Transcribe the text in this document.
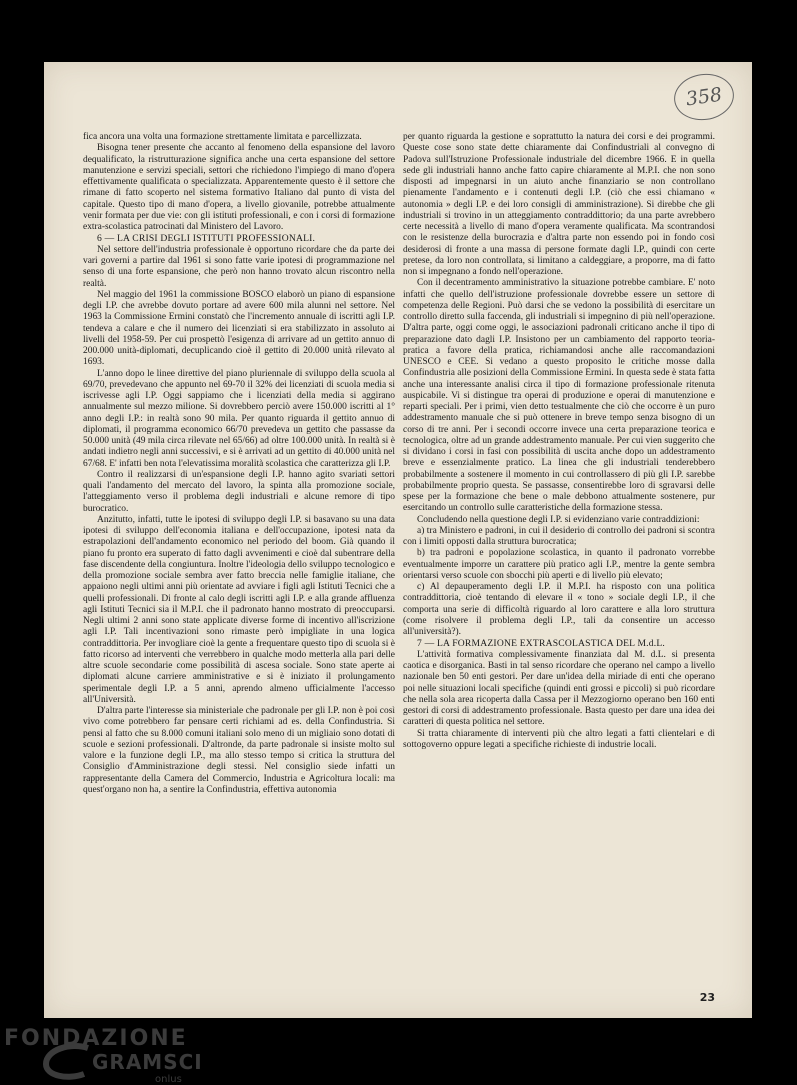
358

fica ancora una volta una formazione strettamente limitata e parcellizzata.

Bisogna tener presente che accanto al fenomeno della espansione del lavoro dequalificato, la ristrutturazione significa anche una certa espansione del settore manutenzione e servizi speciali, settori che richiedono l'impiego di mano d'opera effettivamente qualificata o specializzata. Apparentemente questo è il settore che rimane di fatto scoperto nel sistema formativo Italiano dal punto di vista del capitale. Questo tipo di mano d'opera, a livello giovanile, potrebbe attualmente venir formata per due vie: con gli istituti professionali, e con i corsi di formazione extra-scolastica patrocinati dal Ministero del Lavoro.

6 — LA CRISI DEGLI ISTITUTI PROFESSIONALI.

Nel settore dell'industria professionale è opportuno ricordare che da parte dei vari governi a partire dal 1961 si sono fatte varie ipotesi di programmazione nel senso di una forte espansione, che però non hanno trovato alcun riscontro nella realtà.

Nel maggio del 1961 la commissione BOSCO elaborò un piano di espansione degli I.P. che avrebbe dovuto portare ad avere 600 mila alunni nel settore. Nel 1963 la Commissione Ermini constatò che l'incremento annuale di iscritti agli I.P. tendeva a calare e che il numero dei licenziati si era stabilizzato in assoluto ai livelli del 1958-59. Per cui prospettò l'esigenza di arrivare ad un gettito annuo di 200.000 unità-diplomati, decuplicando cioè il gettito di 20.000 unità rilevato al 1693.

L'anno dopo le linee direttive del piano pluriennale di sviluppo della scuola al 69/70, prevedevano che appunto nel 69-70 il 32% dei licenziati di scuola media si iscrivesse agli I.P. Oggi sappiamo che i licenziati della media si aggirano annualmente sul mezzo milione. Si dovrebbero perciò avere 150.000 iscritti al 1° anno degli I.P.: in realtà sono 90 mila. Per quanto riguarda il gettito annuo di diplomati, il programma economico 66/70 prevedeva un gettito che passasse da 50.000 unità (49 mila circa rilevate nel 65/66) ad oltre 100.000 unità. In realtà si è andati indietro negli anni successivi, e si è arrivati ad un gettito di 40.000 unità nel 67/68. E' infatti ben nota l'elevatissima moralità scolastica che caratterizza gli I.P.

Contro il realizzarsi di un'espansione degli I.P. hanno agito svariati settori quali l'andamento del mercato del lavoro, la spinta alla promozione sociale, l'atteggiamento verso il problema degli industriali e alcune remore di tipo burocratico.

Anzitutto, infatti, tutte le ipotesi di sviluppo degli I.P. si basavano su una data ipotesi di sviluppo dell'economia italiana e dell'occupazione, ipotesi nata da estrapolazioni dell'andamento economico nel periodo del boom. Già quando il piano fu pronto era superato di fatto dagli avvenimenti e cioè dal subentrare della fase discendente della congiuntura. Inoltre l'ideologia dello sviluppo tecnologico e della promozione sociale sembra aver fatto breccia nelle famiglie italiane, che appaiono negli ultimi anni più orientate ad avviare i figli agli Istituti Tecnici che a quelli professionali. Di fronte al calo degli iscritti agli I.P. e alla grande affluenza agli Istituti Tecnici sia il M.P.I. che il padronato hanno mostrato di preoccuparsi. Negli ultimi 2 anni sono state applicate diverse forme di incentivo all'iscrizione agli I.P. Tali incentivazioni sono rimaste però impigliate in una logica contraddittoria. Per invogliare cioè la gente a frequentare questo tipo di scuola si è fatto ricorso ad interventi che verrebbero in qualche modo metterla alla pari delle altre scuole secondarie come possibilità di ascesa sociale. Sono state aperte ai diplomati alcune carriere amministrative e si è iniziato il prolungamento sperimentale degli I.P. a 5 anni, aprendo almeno ufficialmente l'accesso all'Università.

D'altra parte l'interesse sia ministeriale che padronale per gli I.P. non è poi così vivo come potrebbero far pensare certi richiami ad es. della Confindustria. Si pensi al fatto che su 8.000 comuni italiani solo meno di un migliaio sono dotati di scuole e sezioni professionali. D'altronde, da parte padronale si insiste molto sul valore e la funzione degli I.P., ma allo stesso tempo si critica la struttura del Consiglio d'Amministrazione degli stessi. Nel consiglio siede infatti un rappresentante della Camera del Commercio, Industria e Agricoltura locali: ma quest'organo non ha, a sentire la Confindustria, effettiva autonomia

per quanto riguarda la gestione e soprattutto la natura dei corsi e dei programmi. Queste cose sono state dette chiaramente dai Confindustriali al convegno di Padova sull'Istruzione Professionale industriale del dicembre 1966. E in quella sede gli industriali hanno anche fatto capire chiaramente al M.P.I. che non sono disposti ad impegnarsi in un aiuto anche finanziario se non controllano pienamente l'andamento e i contenuti degli I.P. (ciò che essi chiamano « autonomia » degli I.P. e dei loro consigli di amministrazione). Si direbbe che gli industriali si trovino in un atteggiamento contraddittorio; da una parte avrebbero certe necessità a livello di mano d'opera veramente qualificata. Ma scontrandosi con le resistenze della burocrazia e d'altra parte non essendo poi in fondo così desiderosi di fronte a una massa di persone formate dagli I.P., quindi con certe pretese, da loro non controllata, si limitano a caldeggiare, a proporre, ma di fatto non si impegnano a fondo nell'operazione.

Con il decentramento amministrativo la situazione potrebbe cambiare. E' noto infatti che quello dell'istruzione professionale dovrebbe essere un settore di competenza delle Regioni. Può darsi che se vedono la possibilità di esercitare un controllo diretto sulla faccenda, gli industriali si impegnino di più nell'operazione. D'altra parte, oggi come oggi, le associazioni padronali criticano anche il tipo di preparazione dato dagli I.P. Insistono per un cambiamento del rapporto teoria-pratica a favore della pratica, richiamandosi anche alle raccomandazioni UNESCO e CEE. Si vedano a questo proposito le critiche mosse dalla Confindustria alle posizioni della Commissione Ermini. In questa sede è stata fatta anche una interessante analisi circa il tipo di formazione professionale ritenuta auspicabile. Vi si distingue tra operai di produzione e operai di manutenzione e reparti speciali. Per i primi, vien detto testualmente che ciò che occorre è un puro addestramento manuale che si può ottenere in breve tempo senza bisogno di un corso di tre anni. Per i secondi occorre invece una certa preparazione teorica e tecnologica, oltre ad un grande addestramento manuale. Per cui vien suggerito che si dividano i corsi in fasi con possibilità di uscita anche dopo un addestramento breve e essenzialmente pratico. La linea che gli industriali tenderebbero probabilmente a sostenere il momento in cui controllassero di più gli I.P. sarebbe probabilmente proprio questa. Se passasse, consentirebbe loro di sgravarsi delle spese per la formazione che bene o male debbono attualmente sostenere, pur esercitando un controllo sulle caratteristiche della formazione stessa.

Concludendo nella questione degli I.P. si evidenziano varie contraddizioni:

a) tra Ministero e padroni, in cui il desiderio di controllo dei padroni si scontra con i limiti opposti dalla struttura burocratica;

b) tra padroni e popolazione scolastica, in quanto il padronato vorrebbe eventualmente imporre un carattere più pratico agli I.P., mentre la gente sembra orientarsi verso scuole con sbocchi più aperti e di livello più elevato;

c) Al depauperamento degli I.P. il M.P.I. ha risposto con una politica contraddittoria, cioè tentando di elevare il « tono » sociale degli I.P., il che comporta una serie di difficoltà riguardo al loro carattere e alla loro struttura (come risolvere il problema degli I.P., tali da consentire un accesso all'università?).

7 — LA FORMAZIONE EXTRASCOLASTICA DEL M.d.L.

L'attività formativa complessivamente finanziata dal M. d.L. si presenta caotica e disorganica. Basti in tal senso ricordare che operano nel campo a livello nazionale ben 50 enti gestori. Per dare un'idea della miriade di enti che operano poi nelle situazioni locali specifiche (quindi enti grossi e piccoli) si può ricordare che nella sola area ricoperta dalla Cassa per il Mezzogiorno operano ben 160 enti gestori di corsi di addestramento professionale. Basta questo per dare una idea dei caratteri di questa politica nel settore.

Si tratta chiaramente di interventi più che altro legati a fatti clientelari e di sottogoverno oppure legati a specifiche richieste di industrie locali.

23
FONDAZIONE
GRAMSCI
onlus
